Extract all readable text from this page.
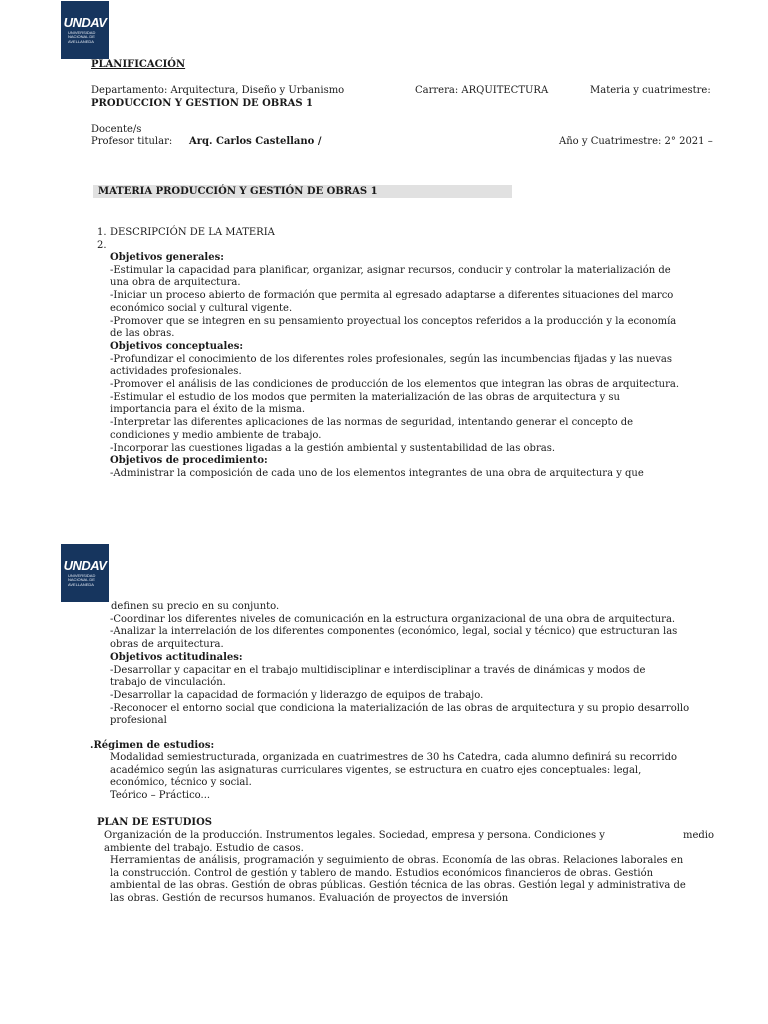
UNDAV
UNIVERSIDAD
NACIONAL DE
AVELLANEDA
PLANIFICACIÓN
Departamento: Arquitectura, Diseño y Urbanismo	Carrera: ARQUITECTURA	Materia y cuatrimestre:
PRODUCCION Y GESTION DE OBRAS 1
Docente/s
Profesor titular: Arq. Carlos Castellano /	Año y Cuatrimestre: 2° 2021 –
MATERIA PRODUCCIÓN Y GESTIÓN DE OBRAS 1
1. DESCRIPCIÓN DE LA MATERIA
2.

Objetivos generales:

-Estimular la capacidad para planificar, organizar, asignar recursos, conducir y controlar la materialización de

una obra de arquitectura.

-Iniciar un proceso abierto de formación que permita al egresado adaptarse a diferentes situaciones del marco

económico social y cultural vigente.

-Promover que se integren en su pensamiento proyectual los conceptos referidos a la producción y la economía

de las obras.

Objetivos conceptuales:

-Profundizar el conocimiento de los diferentes roles profesionales, según las incumbencias fijadas y las nuevas

actividades profesionales.

-Promover el análisis de las condiciones de producción de los elementos que integran las obras de arquitectura.

-Estimular el estudio de los modos que permiten la materialización de las obras de arquitectura y su

importancia para el éxito de la misma.

-Interpretar las diferentes aplicaciones de las normas de seguridad, intentando generar el concepto de

condiciones y medio ambiente de trabajo.

-Incorporar las cuestiones ligadas a la gestión ambiental y sustentabilidad de las obras.

Objetivos de procedimiento:

-Administrar la composición de cada uno de los elementos integrantes de una obra de arquitectura y que

UNDAV
UNIVERSIDAD
NACIONAL DE
AVELLANEDA

definen su precio en su conjunto.

-Coordinar los diferentes niveles de comunicación en la estructura organizacional de una obra de arquitectura.

-Analizar la interrelación de los diferentes componentes (económico, legal, social y técnico) que estructuran las

obras de arquitectura.

Objetivos actitudinales:

-Desarrollar y capacitar en el trabajo multidisciplinar e interdisciplinar a través de dinámicas y modos de

trabajo de vinculación.

-Desarrollar la capacidad de formación y liderazgo de equipos de trabajo.

-Reconocer el entorno social que condiciona la materialización de las obras de arquitectura y su propio desarrollo

profesional

.Régimen de estudios:

Modalidad semiestructurada, organizada en cuatrimestres de 30 hs Catedra, cada alumno definirá su recorrido

académico según las asignaturas curriculares vigentes, se estructura en cuatro ejes conceptuales: legal,

económico, técnico y social.

Teórico – Práctico...

PLAN DE ESTUDIOS
Organización de la producción. Instrumentos legales. Sociedad, empresa y persona. Condiciones y	medio
ambiente del trabajo. Estudio de casos.

Herramientas de análisis, programación y seguimiento de obras. Economía de las obras. Relaciones laborales en

la construcción. Control de gestión y tablero de mando. Estudios económicos financieros de obras. Gestión

ambiental de las obras. Gestión de obras públicas. Gestión técnica de las obras. Gestión legal y administrativa de

las obras. Gestión de recursos humanos. Evaluación de proyectos de inversión
